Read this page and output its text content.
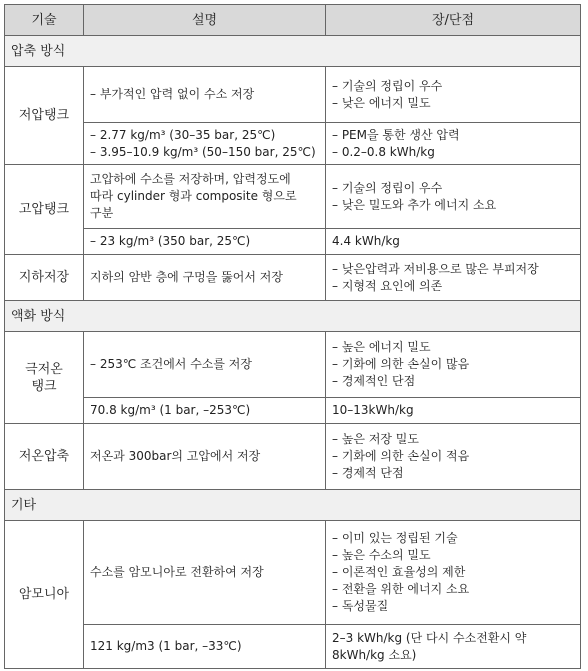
기술	설명	장/단점
압축 방식		
저압탱크	– 부가적인 압력 없이 수소 저장	– 기술의 정립이 우수
– 낮은 에너지 밀도

	– 2.77 kg/m³ (30–35 bar, 25℃)
– 3.95–10.9 kg/m³ (50–150 bar, 25℃)	– PEM을 통한 생산 압력
– 0.2–0.8 kWh/kg

고압탱크	고압하에 수소를 저장하며, 압력정도에
따라 cylinder 형과 composite 형으로
구분	– 기술의 정립이 우수
– 낮은 밀도와 추가 에너지 소요

	– 23 kg/m³ (350 bar, 25℃)	4.4 kWh/kg

지하저장	지하의 암반 층에 구멍을 뚫어서 저장	– 낮은압력과 저비용으로 많은 부피저장
– 지형적 요인에 의존

액화 방식		

극저온
탱크	– 253℃ 조건에서 수소를 저장	– 높은 에너지 밀도
– 기화에 의한 손실이 많음
– 경제적인 단점

	70.8 kg/m³ (1 bar, –253℃)	10–13kWh/kg

저온압축	저온과 300bar의 고압에서 저장	– 높은 저장 밀도
– 기화에 의한 손실이 적음
– 경제적 단점

기타		
암모니아	수소를 암모니아로 전환하여 저장	– 이미 있는 정립된 기술
– 높은 수소의 밀도
– 이론적인 효율성의 제한
– 전환을 위한 에너지 소요
– 독성물질

	121 kg/m3 (1 bar, –33℃)	2–3 kWh/kg (단 다시 수소전환시 약
8kWh/kg 소요)
